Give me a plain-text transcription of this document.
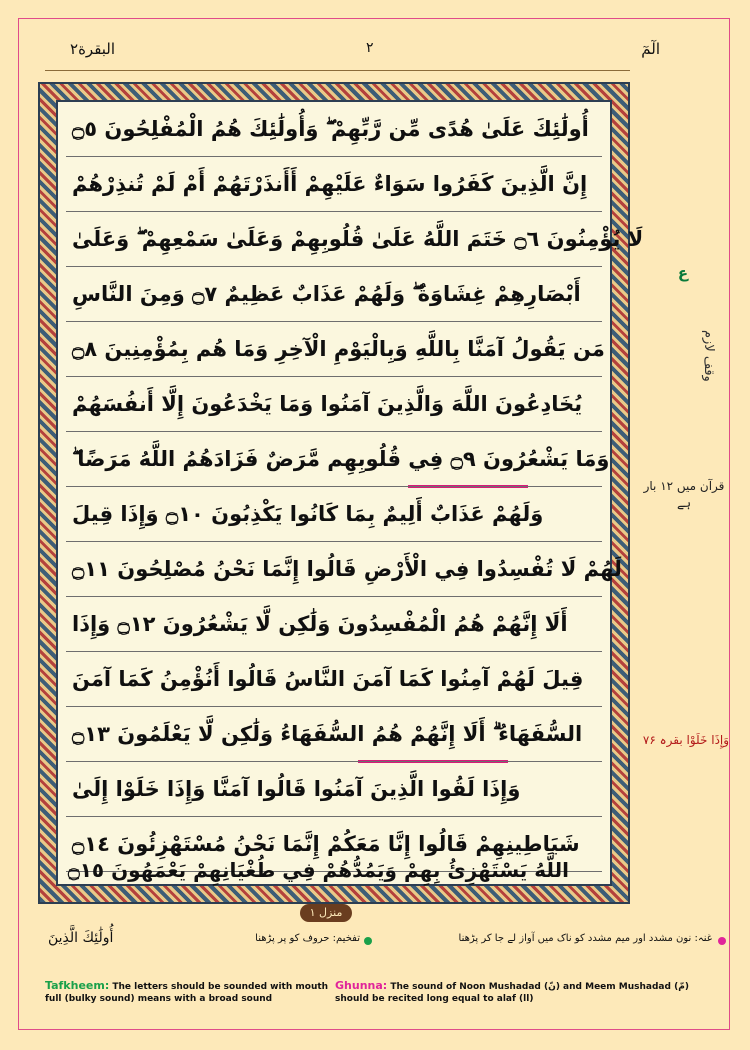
البقرة۲	۲	الٓمٓ
أُولَٰئِكَ عَلَىٰ هُدًى مِّن رَّبِّهِمْ ۖ وَأُولَٰئِكَ هُمُ الْمُفْلِحُونَ ۝٥
إِنَّ الَّذِينَ كَفَرُوا سَوَاءٌ عَلَيْهِمْ أَأَنذَرْتَهُمْ أَمْ لَمْ تُنذِرْهُمْ
لَا يُؤْمِنُونَ ۝٦ خَتَمَ اللَّهُ عَلَىٰ قُلُوبِهِمْ وَعَلَىٰ سَمْعِهِمْ ۖ وَعَلَىٰ
أَبْصَارِهِمْ غِشَاوَةٌ ۖ وَلَهُمْ عَذَابٌ عَظِيمٌ ۝٧ وَمِنَ النَّاسِ
مَن يَقُولُ آمَنَّا بِاللَّهِ وَبِالْيَوْمِ الْآخِرِ وَمَا هُم بِمُؤْمِنِينَ ۝٨
يُخَادِعُونَ اللَّهَ وَالَّذِينَ آمَنُوا وَمَا يَخْدَعُونَ إِلَّا أَنفُسَهُمْ
وَمَا يَشْعُرُونَ ۝٩ فِي قُلُوبِهِم مَّرَضٌ فَزَادَهُمُ اللَّهُ مَرَضًا ۖ
وَلَهُمْ عَذَابٌ أَلِيمٌ بِمَا كَانُوا يَكْذِبُونَ ۝١٠ وَإِذَا قِيلَ
لَهُمْ لَا تُفْسِدُوا فِي الْأَرْضِ قَالُوا إِنَّمَا نَحْنُ مُصْلِحُونَ ۝١١
أَلَا إِنَّهُمْ هُمُ الْمُفْسِدُونَ وَلَٰكِن لَّا يَشْعُرُونَ ۝١٢ وَإِذَا
قِيلَ لَهُمْ آمِنُوا كَمَا آمَنَ النَّاسُ قَالُوا أَنُؤْمِنُ كَمَا آمَنَ
السُّفَهَاءُ ۗ أَلَا إِنَّهُمْ هُمُ السُّفَهَاءُ وَلَٰكِن لَّا يَعْلَمُونَ ۝١٣
وَإِذَا لَقُوا الَّذِينَ آمَنُوا قَالُوا آمَنَّا وَإِذَا خَلَوْا إِلَىٰ
شَيَاطِينِهِمْ قَالُوا إِنَّا مَعَكُمْ إِنَّمَا نَحْنُ مُسْتَهْزِئُونَ ۝١٤
اللَّهُ يَسْتَهْزِئُ بِهِمْ وَيَمُدُّهُمْ فِي طُغْيَانِهِمْ يَعْمَهُونَ ۝١٥
ع
وقف لازم
قرآن میں ۱۲ بار ہے
وَإِذَا خَلَوْا بقرہ ۷۶
منزل ۱
أُولَٰئِكَ الَّذِينَ	تفخیم: حروف کو پر پڑھنا	غنہ: نون مشدد اور میم مشدد کو ناک میں آواز لے جا کر پڑھنا
Tafkheem: The letters should be sounded with mouth full (bulky sound) means with a broad sound
Ghunna: The sound of Noon Mushadad (نّ) and Meem Mushadad (مّ) should be recited long equal to alaf (اا)
